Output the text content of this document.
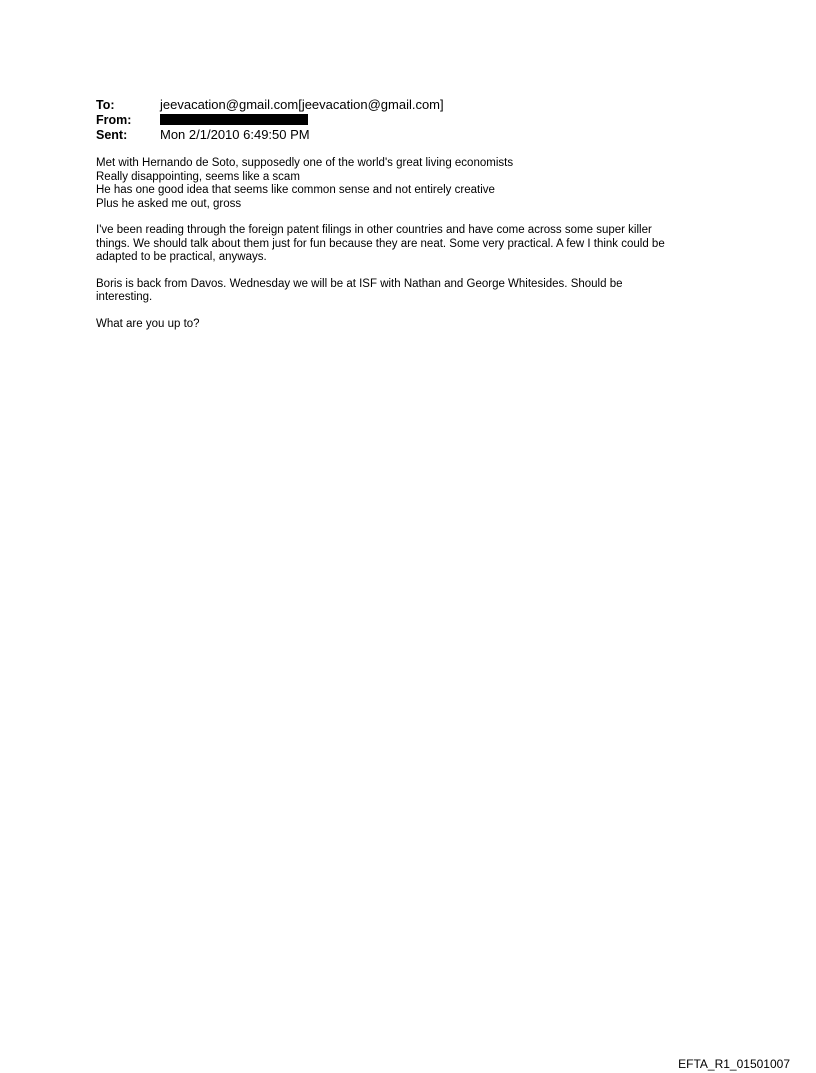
To:	jeevacation@gmail.com[jeevacation@gmail.com]
From:
Sent:	Mon 2/1/2010 6:49:50 PM
Met with Hernando de Soto, supposedly one of the world's great living economists
Really disappointing, seems like a scam
He has one good idea that seems like common sense and not entirely creative
Plus he asked me out, gross
I've been reading through the foreign patent filings in other countries and have come across some super killer
things. We should talk about them just for fun because they are neat. Some very practical. A few I think could be
adapted to be practical, anyways.
Boris is back from Davos. Wednesday we will be at ISF with Nathan and George Whitesides. Should be
interesting.
What are you up to?
EFTA_R1_01501007
